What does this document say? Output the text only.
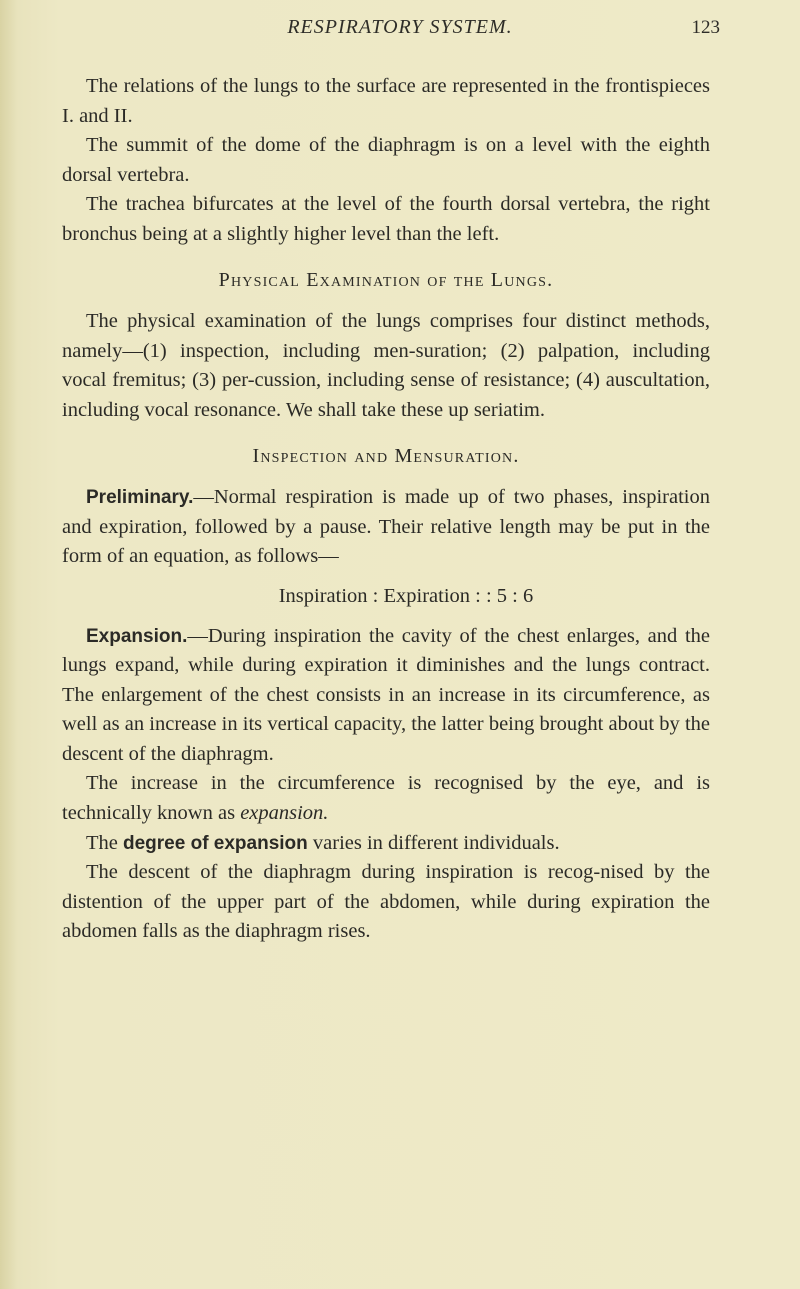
RESPIRATORY SYSTEM.	123

The relations of the lungs to the surface are represented in the frontispieces I. and II.

The summit of the dome of the diaphragm is on a level with the eighth dorsal vertebra.

The trachea bifurcates at the level of the fourth dorsal vertebra, the right bronchus being at a slightly higher level than the left.

Physical Examination of the Lungs.

The physical examination of the lungs comprises four distinct methods, namely—(1) inspection, including men-suration; (2) palpation, including vocal fremitus; (3) per-cussion, including sense of resistance; (4) auscultation, including vocal resonance. We shall take these up seriatim.

Inspection and Mensuration.

Preliminary.—Normal respiration is made up of two phases, inspiration and expiration, followed by a pause. Their relative length may be put in the form of an equation, as follows—

Inspiration : Expiration : : 5 : 6

Expansion.—During inspiration the cavity of the chest enlarges, and the lungs expand, while during expiration it diminishes and the lungs contract. The enlargement of the chest consists in an increase in its circumference, as well as an increase in its vertical capacity, the latter being brought about by the descent of the diaphragm.

The increase in the circumference is recognised by the eye, and is technically known as expansion.

The degree of expansion varies in different individuals.

The descent of the diaphragm during inspiration is recog-nised by the distention of the upper part of the abdomen, while during expiration the abdomen falls as the diaphragm rises.
